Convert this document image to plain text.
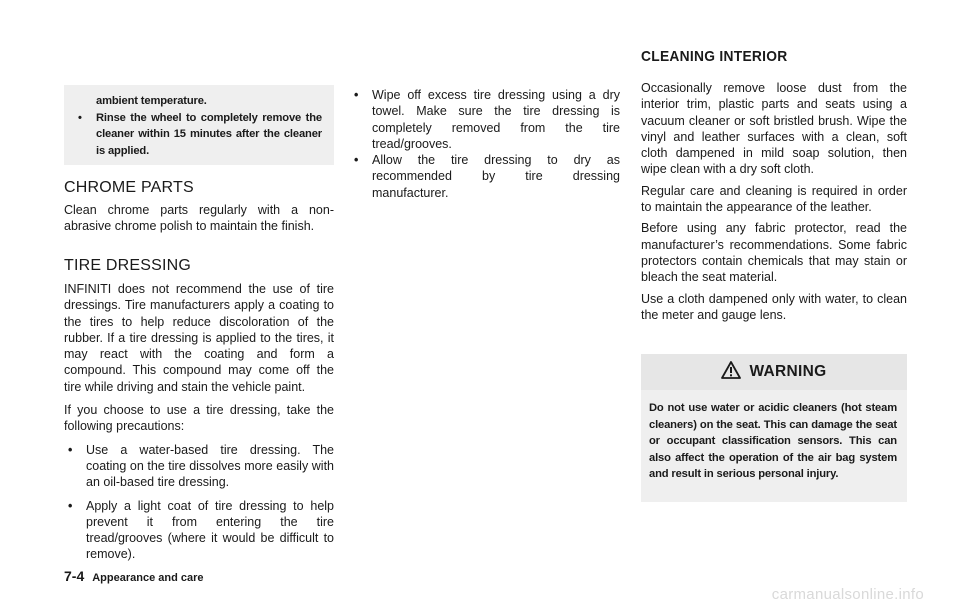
ambient temperature.

• Rinse the wheel to completely remove the cleaner within 15 minutes after the cleaner is applied.
CHROME PARTS

Clean chrome parts regularly with a non-abrasive chrome polish to maintain the finish.

TIRE DRESSING

INFINITI does not recommend the use of tire dressings. Tire manufacturers apply a coating to the tires to help reduce discoloration of the rubber. If a tire dressing is applied to the tires, it may react with the coating and form a compound. This compound may come off the tire while driving and stain the vehicle paint.

If you choose to use a tire dressing, take the following precautions:

• Use a water-based tire dressing. The coating on the tire dissolves more easily with an oil-based tire dressing.
• Apply a light coat of tire dressing to help prevent it from entering the tire tread/grooves (where it would be difficult to remove).
• Wipe off excess tire dressing using a dry towel. Make sure the tire dressing is completely removed from the tire tread/grooves.
• Allow the tire dressing to dry as recommended by tire dressing manufacturer.
CLEANING INTERIOR

Occasionally remove loose dust from the interior trim, plastic parts and seats using a vacuum cleaner or soft bristled brush. Wipe the vinyl and leather surfaces with a clean, soft cloth dampened in mild soap solution, then wipe clean with a dry soft cloth.

Regular care and cleaning is required in order to maintain the appearance of the leather.

Before using any fabric protector, read the manufacturer’s recommendations. Some fabric protectors contain chemicals that may stain or bleach the seat material.

Use a cloth dampened only with water, to clean the meter and gauge lens.

WARNING
Do not use water or acidic cleaners (hot steam cleaners) on the seat. This can damage the seat or occupant classification sensors. This can also affect the operation of the air bag system and result in serious personal injury.
7-4 Appearance and care
carmanualsonline.info
